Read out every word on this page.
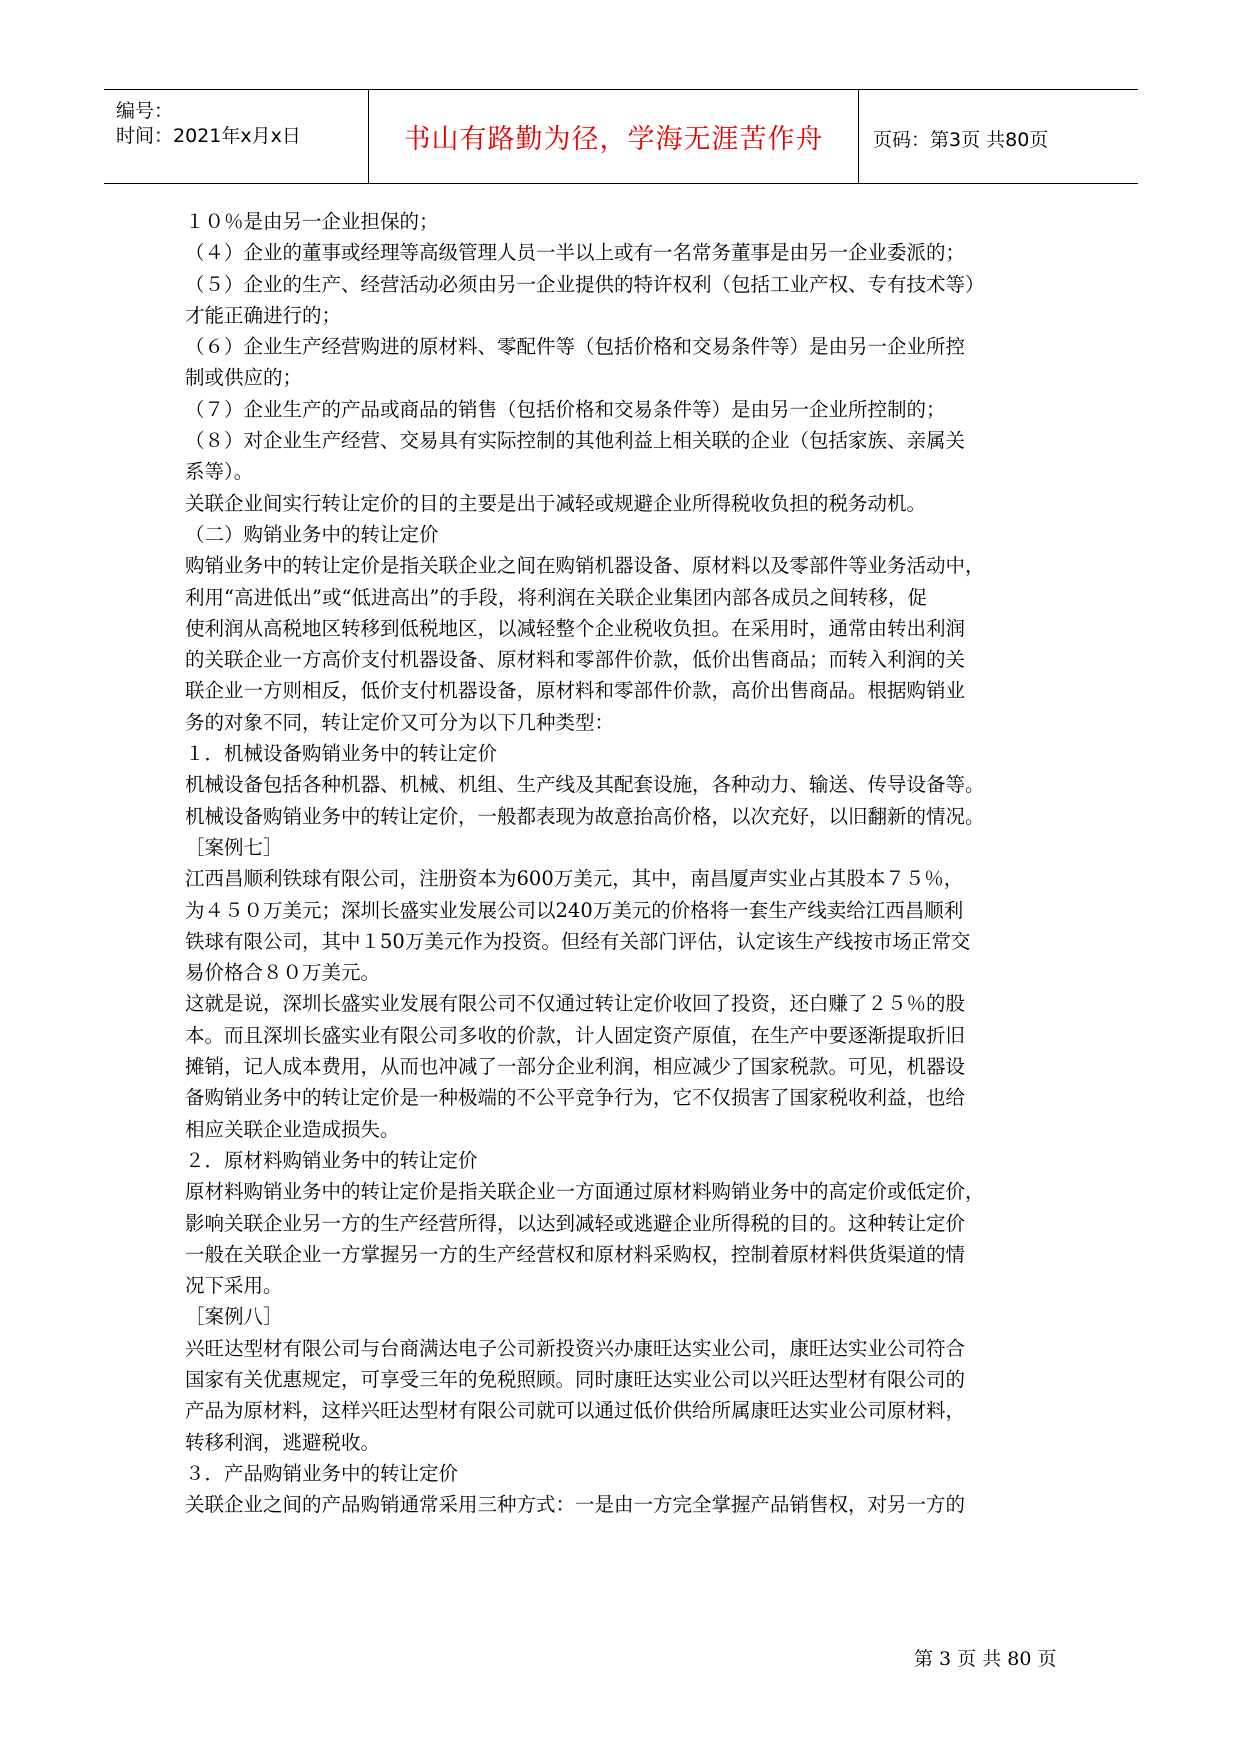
编号：
时间：2021年x月x日	书山有路勤为径，学海无涯苦作舟	页码：第3页 共80页
１０％是由另一企业担保的；
（４）企业的董事或经理等高级管理人员一半以上或有一名常务董事是由另一企业委派的；
（５）企业的生产、经营活动必须由另一企业提供的特许权利（包括工业产权、专有技术等）
才能正确进行的；
（６）企业生产经营购进的原材料、零配件等（包括价格和交易条件等）是由另一企业所控
制或供应的；
（７）企业生产的产品或商品的销售（包括价格和交易条件等）是由另一企业所控制的；
（８）对企业生产经营、交易具有实际控制的其他利益上相关联的企业（包括家族、亲属关
系等）。
关联企业间实行转让定价的目的主要是出于减轻或规避企业所得税收负担的税务动机。
（二）购销业务中的转让定价
购销业务中的转让定价是指关联企业之间在购销机器设备、原材料以及零部件等业务活动中，
利用“高进低出”或“低进高出”的手段，将利润在关联企业集团内部各成员之间转移，促
使利润从高税地区转移到低税地区，以减轻整个企业税收负担。在采用时，通常由转出利润
的关联企业一方高价支付机器设备、原材料和零部件价款，低价出售商品；而转入利润的关
联企业一方则相反，低价支付机器设备，原材料和零部件价款，高价出售商品。根据购销业
务的对象不同，转让定价又可分为以下几种类型：
１．机械设备购销业务中的转让定价
机械设备包括各种机器、机械、机组、生产线及其配套设施，各种动力、输送、传导设备等。
机械设备购销业务中的转让定价，一般都表现为故意抬高价格，以次充好，以旧翻新的情况。
［案例七］
江西昌顺利铁球有限公司，注册资本为600万美元，其中，南昌厦声实业占其股本７５％，
为４５０万美元；深圳长盛实业发展公司以240万美元的价格将一套生产线卖给江西昌顺利
铁球有限公司，其中１50万美元作为投资。但经有关部门评估，认定该生产线按市场正常交
易价格合８０万美元。
这就是说，深圳长盛实业发展有限公司不仅通过转让定价收回了投资，还白赚了２５％的股
本。而且深圳长盛实业有限公司多收的价款，计人固定资产原值，在生产中要逐渐提取折旧
摊销，记人成本费用，从而也冲减了一部分企业利润，相应减少了国家税款。可见，机器设
备购销业务中的转让定价是一种极端的不公平竞争行为，它不仅损害了国家税收利益，也给
相应关联企业造成损失。
２．原材料购销业务中的转让定价
原材料购销业务中的转让定价是指关联企业一方面通过原材料购销业务中的高定价或低定价，
影响关联企业另一方的生产经营所得，以达到减轻或逃避企业所得税的目的。这种转让定价
一般在关联企业一方掌握另一方的生产经营权和原材料采购权，控制着原材料供货渠道的情
况下采用。
［案例八］
兴旺达型材有限公司与台商满达电子公司新投资兴办康旺达实业公司，康旺达实业公司符合
国家有关优惠规定，可享受三年的免税照顾。同时康旺达实业公司以兴旺达型材有限公司的
产品为原材料，这样兴旺达型材有限公司就可以通过低价供给所属康旺达实业公司原材料，
转移利润，逃避税收。
３．产品购销业务中的转让定价
关联企业之间的产品购销通常采用三种方式：一是由一方完全掌握产品销售权，对另一方的
第 3 页 共 80 页
